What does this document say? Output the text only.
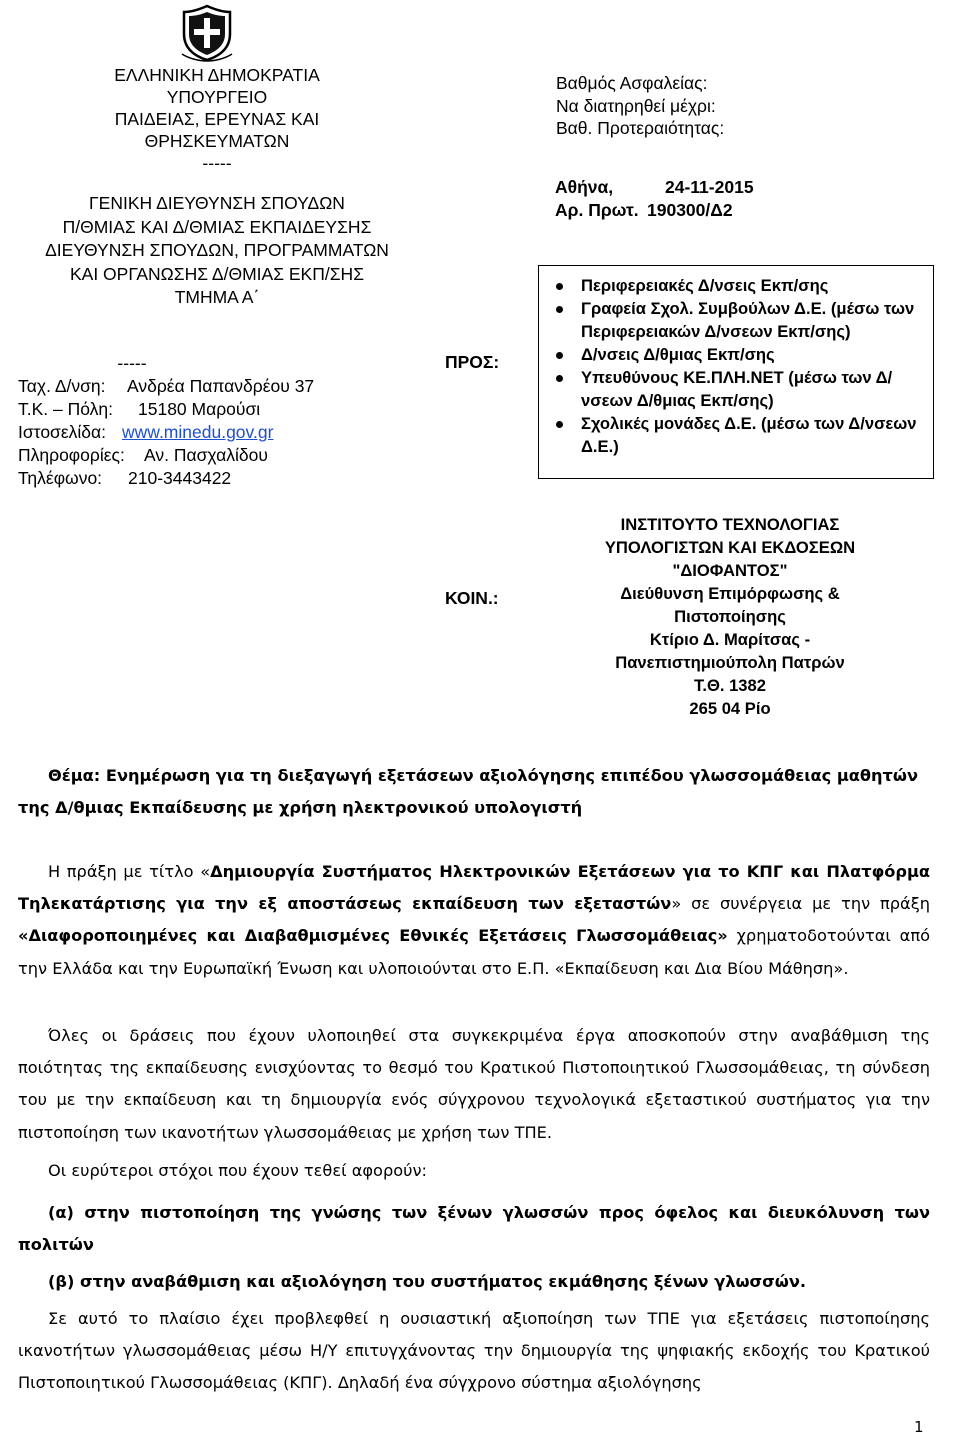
ΕΛΛΗΝΙΚΗ ΔΗΜΟΚΡΑΤΙΑ
ΥΠΟΥΡΓΕΙΟ
ΠΑΙΔΕΙΑΣ, ΕΡΕΥΝΑΣ ΚΑΙ ΘΡΗΣΚΕΥΜΑΤΩΝ
-----
ΓΕΝΙΚΗ ΔΙΕΥΘΥΝΣΗ ΣΠΟΥΔΩΝ
Π/ΘΜΙΑΣ ΚΑΙ Δ/ΘΜΙΑΣ ΕΚΠΑΙΔΕΥΣΗΣ
ΔΙΕΥΘΥΝΣΗ ΣΠΟΥΔΩΝ, ΠΡΟΓΡΑΜΜΑΤΩΝ
ΚΑΙ ΟΡΓΑΝΩΣΗΣ Δ/ΘΜΙΑΣ ΕΚΠ/ΣΗΣ
ΤΜΗΜΑ Α΄
-----
Ταχ. Δ/νση: Ανδρέα Παπανδρέου 37
Τ.Κ. – Πόλη: 15180 Μαρούσι
Ιστοσελίδα: www.minedu.gov.gr
Πληροφορίες: Αν. Πασχαλίδου
Τηλέφωνο: 210-3443422
Βαθμός Ασφαλείας:
Να διατηρηθεί μέχρι:
Βαθ. Προτεραιότητας:
Αθήνα,	24-11-2015
Αρ. Πρωτ. 190300/Δ2
ΠΡΟΣ:
Περιφερειακές Δ/νσεις Εκπ/σης
Γραφεία Σχολ. Συμβούλων Δ.Ε. (μέσω των Περιφερειακών Δ/νσεων Εκπ/σης)
Δ/νσεις Δ/θμιας Εκπ/σης
Υπευθύνους ΚΕ.ΠΛΗ.ΝΕΤ (μέσω των Δ/νσεων Δ/θμιας Εκπ/σης)
Σχολικές μονάδες Δ.Ε. (μέσω των Δ/νσεων Δ.Ε.)
ΚΟΙΝ.:
ΙΝΣΤΙΤΟΥΤΟ ΤΕΧΝΟΛΟΓΙΑΣ
ΥΠΟΛΟΓΙΣΤΩΝ ΚΑΙ ΕΚΔΟΣΕΩΝ
"ΔΙΟΦΑΝΤΟΣ"
Διεύθυνση Επιμόρφωσης &
Πιστοποίησης
Κτίριο Δ. Μαρίτσας -
Πανεπιστημιούπολη Πατρών
Τ.Θ. 1382
265 04 Ρίο
Θέμα: Ενημέρωση για τη διεξαγωγή εξετάσεων αξιολόγησης επιπέδου γλωσσομάθειας μαθητών της Δ/θμιας Εκπαίδευσης με χρήση ηλεκτρονικού υπολογιστή
Η πράξη με τίτλο «Δημιουργία Συστήματος Ηλεκτρονικών Εξετάσεων για το ΚΠΓ και Πλατφόρμα Τηλεκατάρτισης για την εξ αποστάσεως εκπαίδευση των εξεταστών» σε συνέργεια με την πράξη «Διαφοροποιημένες και Διαβαθμισμένες Εθνικές Εξετάσεις Γλωσσομάθειας» χρηματοδοτούνται από την Ελλάδα και την Ευρωπαϊκή Ένωση και υλοποιούνται στο Ε.Π. «Εκπαίδευση και Δια Βίου Μάθηση».
Όλες οι δράσεις που έχουν υλοποιηθεί στα συγκεκριμένα έργα αποσκοπούν στην αναβάθμιση της ποιότητας της εκπαίδευσης ενισχύοντας το θεσμό του Κρατικού Πιστοποιητικού Γλωσσομάθειας, τη σύνδεση του με την εκπαίδευση και τη δημιουργία ενός σύγχρονου τεχνολογικά εξεταστικού συστήματος για την πιστοποίηση των ικανοτήτων γλωσσομάθειας με χρήση των ΤΠΕ.
Οι ευρύτεροι στόχοι που έχουν τεθεί αφορούν:
(α) στην πιστοποίηση της γνώσης των ξένων γλωσσών προς όφελος και διευκόλυνση των πολιτών
(β) στην αναβάθμιση και αξιολόγηση του συστήματος εκμάθησης ξένων γλωσσών.
Σε αυτό το πλαίσιο έχει προβλεφθεί η ουσιαστική αξιοποίηση των ΤΠΕ για εξετάσεις πιστοποίησης ικανοτήτων γλωσσομάθειας μέσω Η/Υ επιτυγχάνοντας την δημιουργία της ψηφιακής εκδοχής του Κρατικού Πιστοποιητικού Γλωσσομάθειας (ΚΠΓ). Δηλαδή ένα σύγχρονο σύστημα αξιολόγησης
1
